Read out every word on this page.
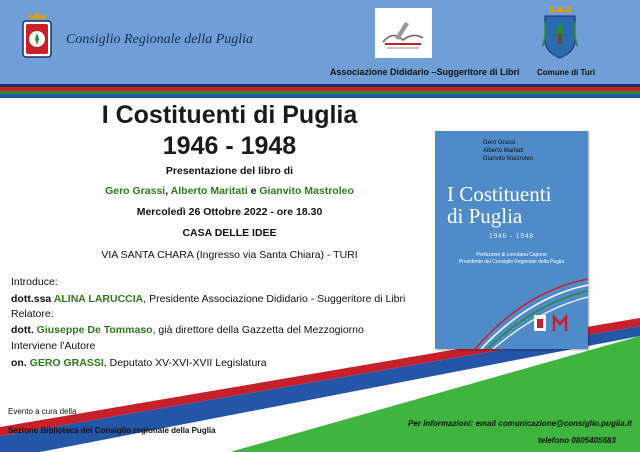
Consiglio Regionale della Puglia
Associazione Dididario –Suggeritore di Libri Comune di Turi
I Costituenti di Puglia
1946 - 1948
Presentazione del libro di
Gero Grassi, Alberto Maritati e Gianvito Mastroleo
Mercoledì 26 Ottobre 2022 - ore 18.30
CASA DELLE IDEE
VIA SANTA CHARA (Ingresso via Santa Chiara) - TURI
Introduce:
dott.ssa ALINA LARUCCIA, Presidente Associazione Dididario - Suggeritore di Libri
Relatore:
dott. Giuseppe De Tommaso, già direttore della Gazzetta del Mezzogiorno
Interviene l'Autore
on. GERO GRASSI, Deputato XV-XVI-XVII Legislatura
Gero Grassi
Alberto Maritati
Gianvito Mastroleo
I Costituenti
di Puglia
1946 - 1948
Prefazione di Loredana Capone
Presidente del Consiglio Regionale della Puglia
Evento a cura della
Sezione Biblioteca del Consiglio regionale della Puglia
Per informazioni: email comunicazione@consiglio.puglia.it
telefono 0805405683
